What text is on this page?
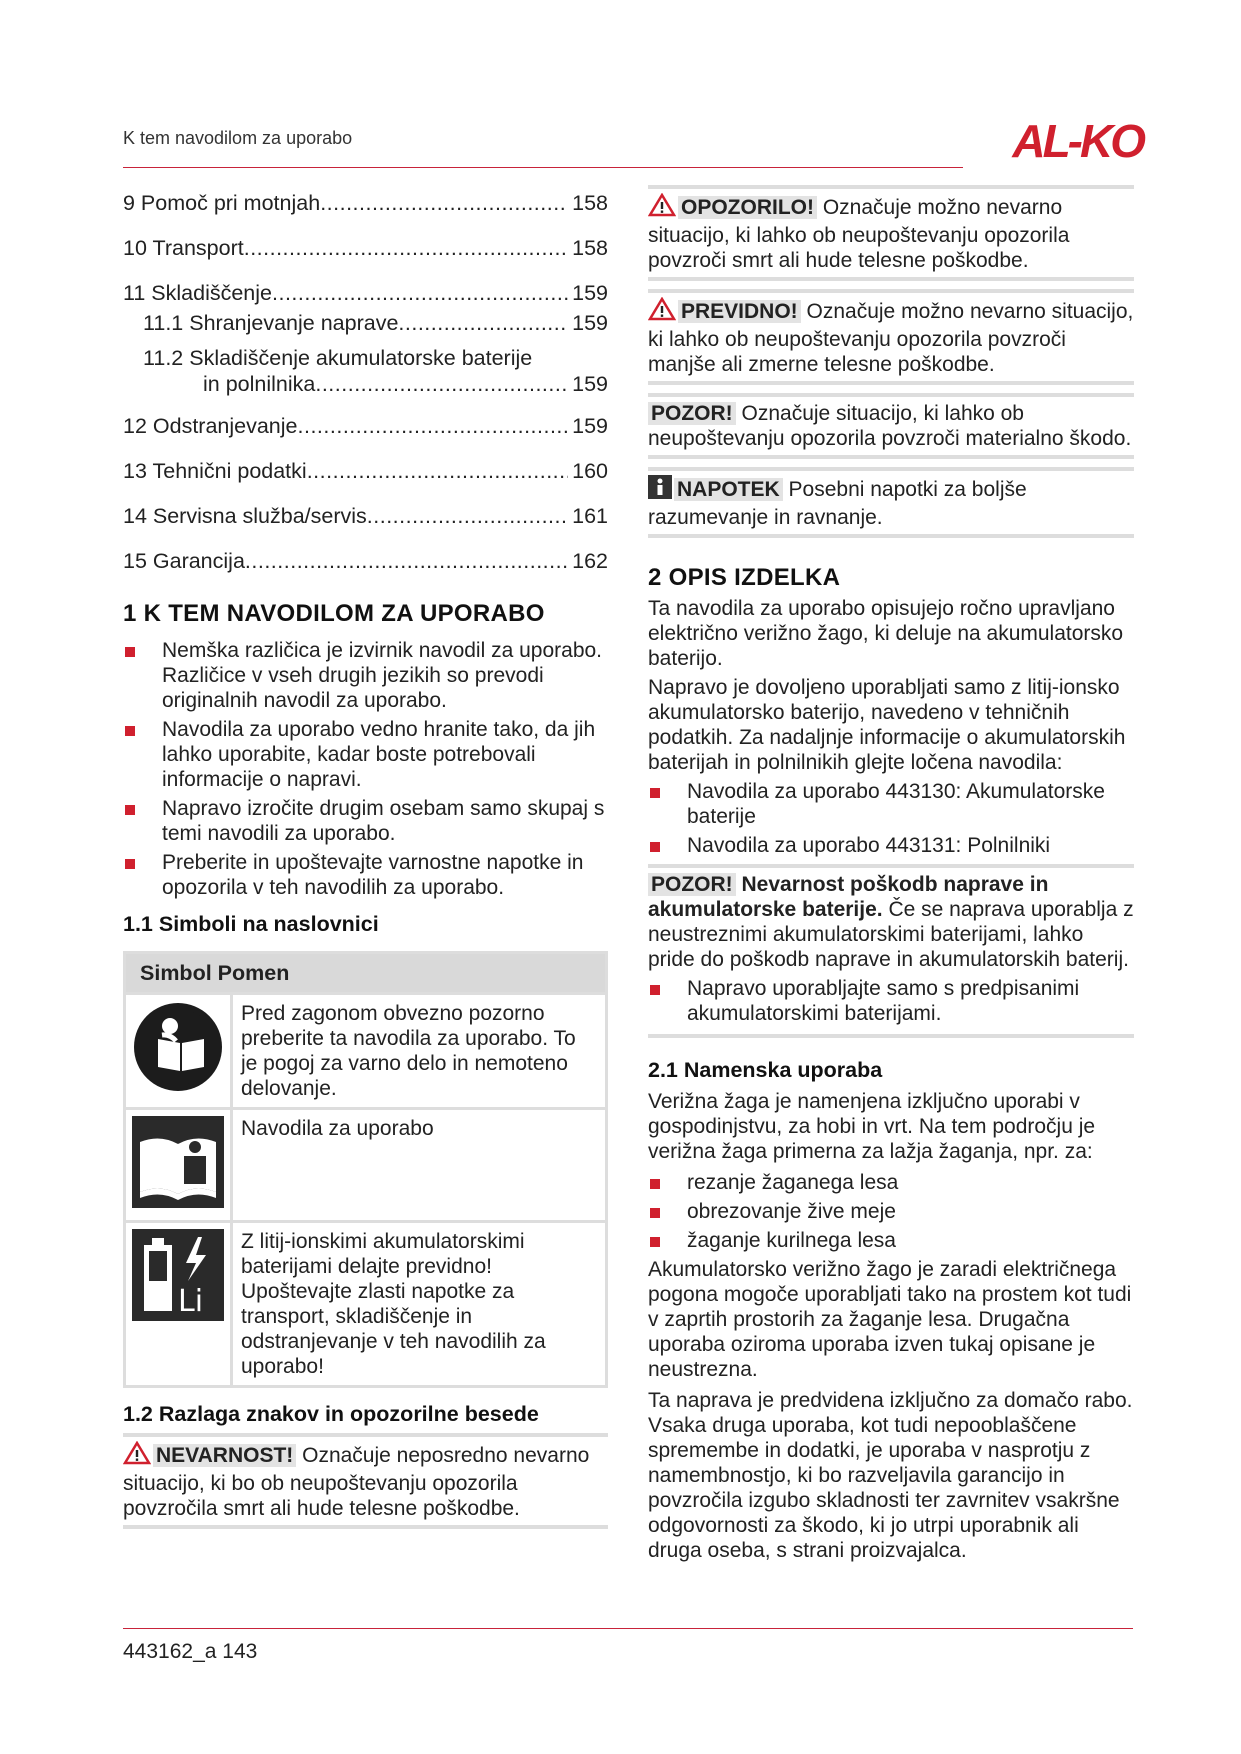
K tem navodilom za uporabo	AL-KO
9 Pomoč pri motnjah .....	158
10 Transport .....	158
11 Skladiščenje .....	159
11.1 Shranjevanje naprave .....	159
11.2 Skladiščenje akumulatorske baterije
in polnilnika .....	159
12 Odstranjevanje .....	159
13 Tehnični podatki .....	160
14 Servisna služba/servis .....	161
15 Garancija .....	162
1 K TEM NAVODILOM ZA UPORABO
Nemška različica je izvirnik navodil za uporabo. Različice v vseh drugih jezikih so prevodi originalnih navodil za uporabo.
Navodila za uporabo vedno hranite tako, da jih lahko uporabite, kadar boste potrebovali informacije o napravi.
Napravo izročite drugim osebam samo skupaj s temi navodili za uporabo.
Preberite in upoštevajte varnostne napotke in opozorila v teh navodilih za uporabo.
1.1 Simboli na naslovnici
Simbol Pomen	
	Pred zagonom obvezno pozorno preberite ta navodila za uporabo. To je pogoj za varno delo in nemoteno delovanje.
	Navodila za uporabo

Li	Z litij-ionskimi akumulatorskimi baterijami delajte previdno! Upoštevajte zlasti napotke za transport, skladiščenje in odstranjevanje v teh navodilih za uporabo!
1.2 Razlaga znakov in opozorilne besede
NEVARNOST! Označuje neposredno nevarno situacijo, ki bo ob neupoštevanju opozorila povzročila smrt ali hude telesne poškodbe.
OPOZORILO! Označuje možno nevarno situacijo, ki lahko ob neupoštevanju opozorila povzroči smrt ali hude telesne poškodbe.
PREVIDNO! Označuje možno nevarno situacijo, ki lahko ob neupoštevanju opozorila povzroči manjše ali zmerne telesne poškodbe.
POZOR! Označuje situacijo, ki lahko ob neupoštevanju opozorila povzroči materialno škodo.
NAPOTEK Posebni napotki za boljše razumevanje in ravnanje.
2 OPIS IZDELKA

Ta navodila za uporabo opisujejo ročno upravljano električno verižno žago, ki deluje na akumulatorsko baterijo.

Napravo je dovoljeno uporabljati samo z litij-ionsko akumulatorsko baterijo, navedeno v tehničnih podatkih. Za nadaljnje informacije o akumulatorskih baterijah in polnilnikih glejte ločena navodila:

Navodila za uporabo 443130: Akumulatorske baterije
Navodila za uporabo 443131: Polnilniki
POZOR! Nevarnost poškodb naprave in akumulatorske baterije. Če se naprava uporablja z neustreznimi akumulatorskimi baterijami, lahko pride do poškodb naprave in akumulatorskih baterij.
Napravo uporabljajte samo s predpisanimi akumulatorskimi baterijami.
2.1 Namenska uporaba

Verižna žaga je namenjena izključno uporabi v gospodinjstvu, za hobi in vrt. Na tem področju je verižna žaga primerna za lažja žaganja, npr. za:

rezanje žaganega lesa
obrezovanje žive meje
žaganje kurilnega lesa

Akumulatorsko verižno žago je zaradi električnega pogona mogoče uporabljati tako na prostem kot tudi v zaprtih prostorih za žaganje lesa. Drugačna uporaba oziroma uporaba izven tukaj opisane je neustrezna.

Ta naprava je predvidena izključno za domačo rabo. Vsaka druga uporaba, kot tudi nepooblaščene spremembe in dodatki, je uporaba v nasprotju z namembnostjo, ki bo razveljavila garancijo in povzročila izgubo skladnosti ter zavrnitev vsakršne odgovornosti za škodo, ki jo utrpi uporabnik ali druga oseba, s strani proizvajalca.

443162_a 143
